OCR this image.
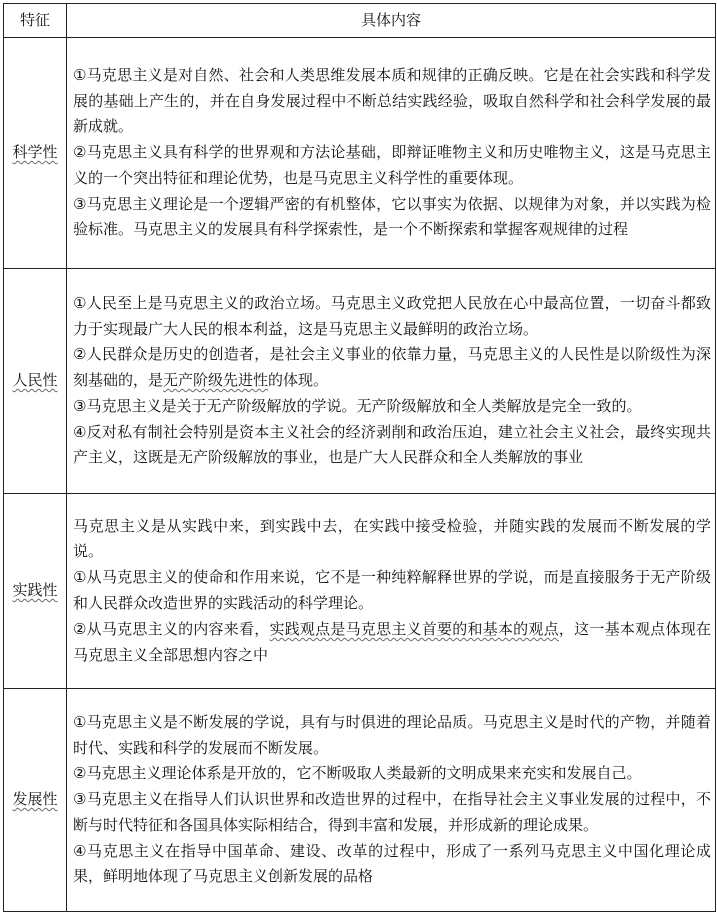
特征	具体内容
科学性	①马克思主义是对自然、社会和人类思维发展本质和规律的正确反映。它是在社会实践和科学发展的基础上产生的，并在自身发展过程中不断总结实践经验，吸取自然科学和社会科学发展的最新成就。

②马克思主义具有科学的世界观和方法论基础，即辩证唯物主义和历史唯物主义，这是马克思主义的一个突出特征和理论优势，也是马克思主义科学性的重要体现。

③马克思主义理论是一个逻辑严密的有机整体，它以事实为依据、以规律为对象，并以实践为检验标准。马克思主义的发展具有科学探索性，是一个不断探索和掌握客观规律的过程

人民性	①人民至上是马克思主义的政治立场。马克思主义政党把人民放在心中最高位置，一切奋斗都致力于实现最广大人民的根本利益，这是马克思主义最鲜明的政治立场。

②人民群众是历史的创造者，是社会主义事业的依靠力量，马克思主义的人民性是以阶级性为深刻基础的，是无产阶级先进性的体现。

③马克思主义是关于无产阶级解放的学说。无产阶级解放和全人类解放是完全一致的。

④反对私有制社会特别是资本主义社会的经济剥削和政治压迫，建立社会主义社会，最终实现共产主义，这既是无产阶级解放的事业，也是广大人民群众和全人类解放的事业

实践性	马克思主义是从实践中来，到实践中去，在实践中接受检验，并随实践的发展而不断发展的学说。

①从马克思主义的使命和作用来说，它不是一种纯粹解释世界的学说，而是直接服务于无产阶级和人民群众改造世界的实践活动的科学理论。

②从马克思主义的内容来看，实践观点是马克思主义首要的和基本的观点，这一基本观点体现在马克思主义全部思想内容之中

发展性	①马克思主义是不断发展的学说，具有与时俱进的理论品质。马克思主义是时代的产物，并随着时代、实践和科学的发展而不断发展。

②马克思主义理论体系是开放的，它不断吸取人类最新的文明成果来充实和发展自己。

③马克思主义在指导人们认识世界和改造世界的过程中，在指导社会主义事业发展的过程中，不断与时代特征和各国具体实际相结合，得到丰富和发展，并形成新的理论成果。

④马克思主义在指导中国革命、建设、改革的过程中，形成了一系列马克思主义中国化理论成果，鲜明地体现了马克思主义创新发展的品格
